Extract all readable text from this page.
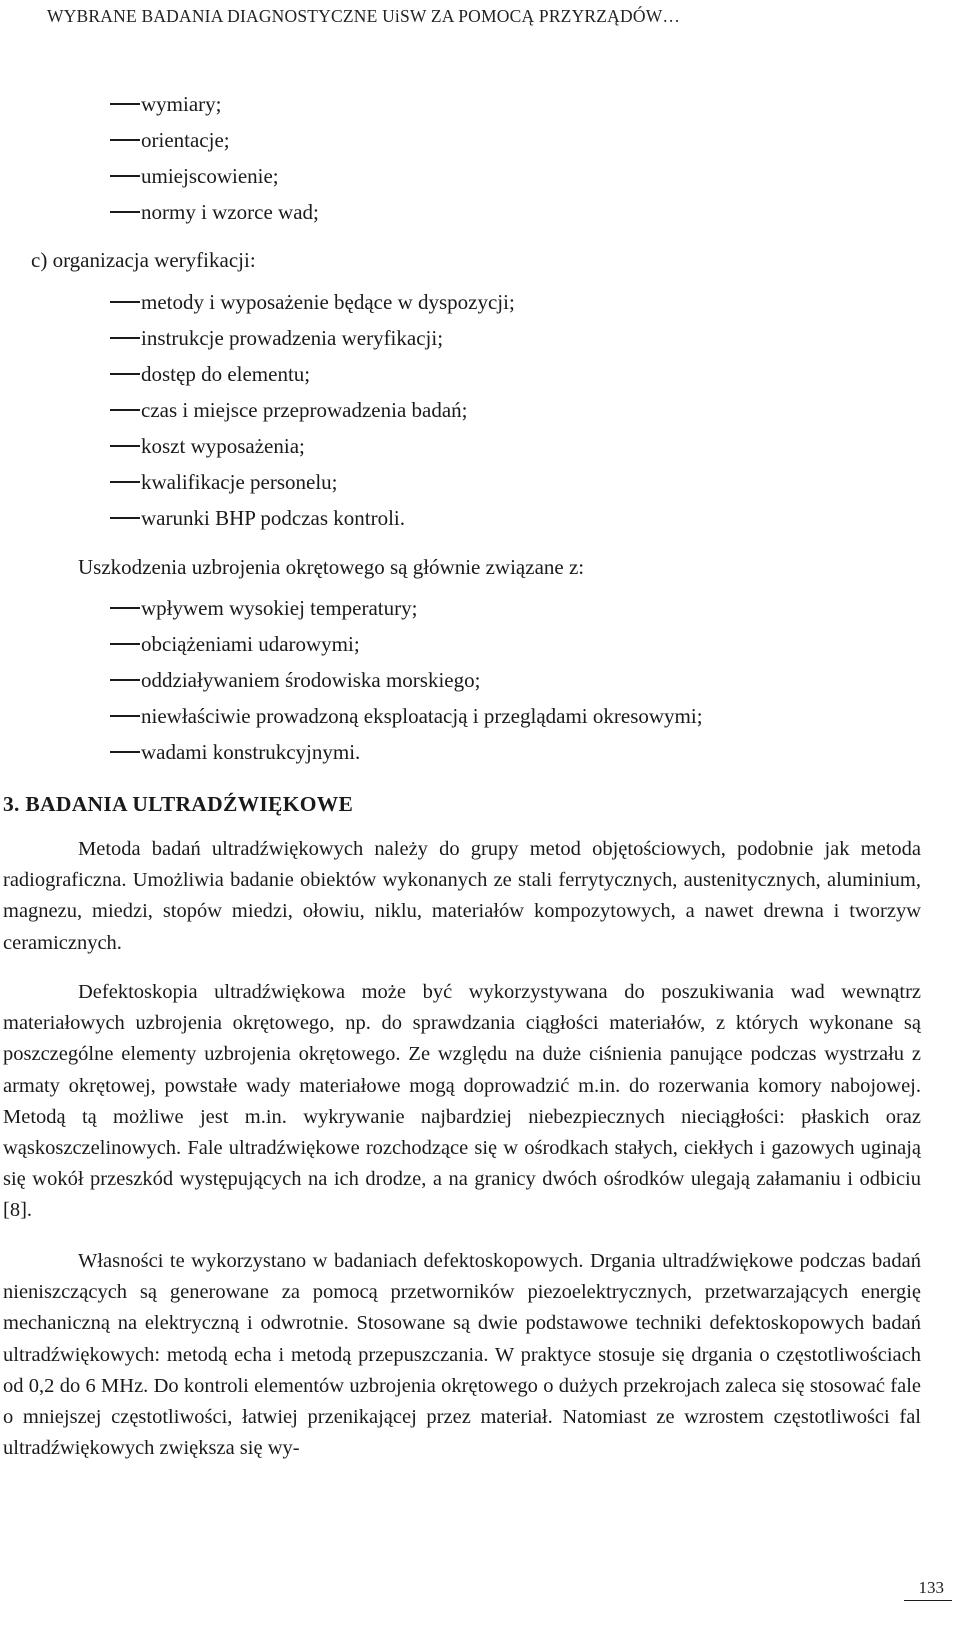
WYBRANE BADANIA DIAGNOSTYCZNE UiSW ZA POMOCĄ PRZYRZĄDÓW…
wymiary;
orientacje;
umiejscowienie;
normy i wzorce wad;
c) organizacja weryfikacji:
metody i wyposażenie będące w dyspozycji;
instrukcje prowadzenia weryfikacji;
dostęp do elementu;
czas i miejsce przeprowadzenia badań;
koszt wyposażenia;
kwalifikacje personelu;
warunki BHP podczas kontroli.
Uszkodzenia uzbrojenia okrętowego są głównie związane z:
wpływem wysokiej temperatury;
obciążeniami udarowymi;
oddziaływaniem środowiska morskiego;
niewłaściwie prowadzoną eksploatacją i przeglądami okresowymi;
wadami konstrukcyjnymi.
3. BADANIA ULTRADŹWIĘKOWE
Metoda badań ultradźwiękowych należy do grupy metod objętościowych, podobnie jak metoda radiograficzna. Umożliwia badanie obiektów wykonanych ze stali ferrytycznych, austenitycznych, aluminium, magnezu, miedzi, stopów miedzi, ołowiu, niklu, materiałów kompozytowych, a nawet drewna i tworzyw ceramicznych.
Defektoskopia ultradźwiękowa może być wykorzystywana do poszukiwania wad wewnątrz materiałowych uzbrojenia okrętowego, np. do sprawdzania ciągłości materiałów, z których wykonane są poszczególne elementy uzbrojenia okrętowego. Ze względu na duże ciśnienia panujące podczas wystrzału z armaty okrętowej, powstałe wady materiałowe mogą doprowadzić m.in. do rozerwania komory nabojowej. Metodą tą możliwe jest m.in. wykrywanie najbardziej niebezpiecznych nieciągłości: płaskich oraz wąskoszczelinowych. Fale ultradźwiękowe rozchodzące się w ośrodkach stałych, ciekłych i gazowych uginają się wokół przeszkód występujących na ich drodze, a na granicy dwóch ośrodków ulegają załamaniu i odbiciu [8].
Własności te wykorzystano w badaniach defektoskopowych. Drgania ultradźwiękowe podczas badań nieniszczących są generowane za pomocą przetworników piezoelektrycznych, przetwarzających energię mechaniczną na elektryczną i odwrotnie. Stosowane są dwie podstawowe techniki defektoskopowych badań ultradźwiękowych: metodą echa i metodą przepuszczania. W praktyce stosuje się drgania o częstotliwościach od 0,2 do 6 MHz. Do kontroli elementów uzbrojenia okrętowego o dużych przekrojach zaleca się stosować fale o mniejszej częstotliwości, łatwiej przenikającej przez materiał. Natomiast ze wzrostem częstotliwości fal ultradźwiękowych zwiększa się wy-
133
